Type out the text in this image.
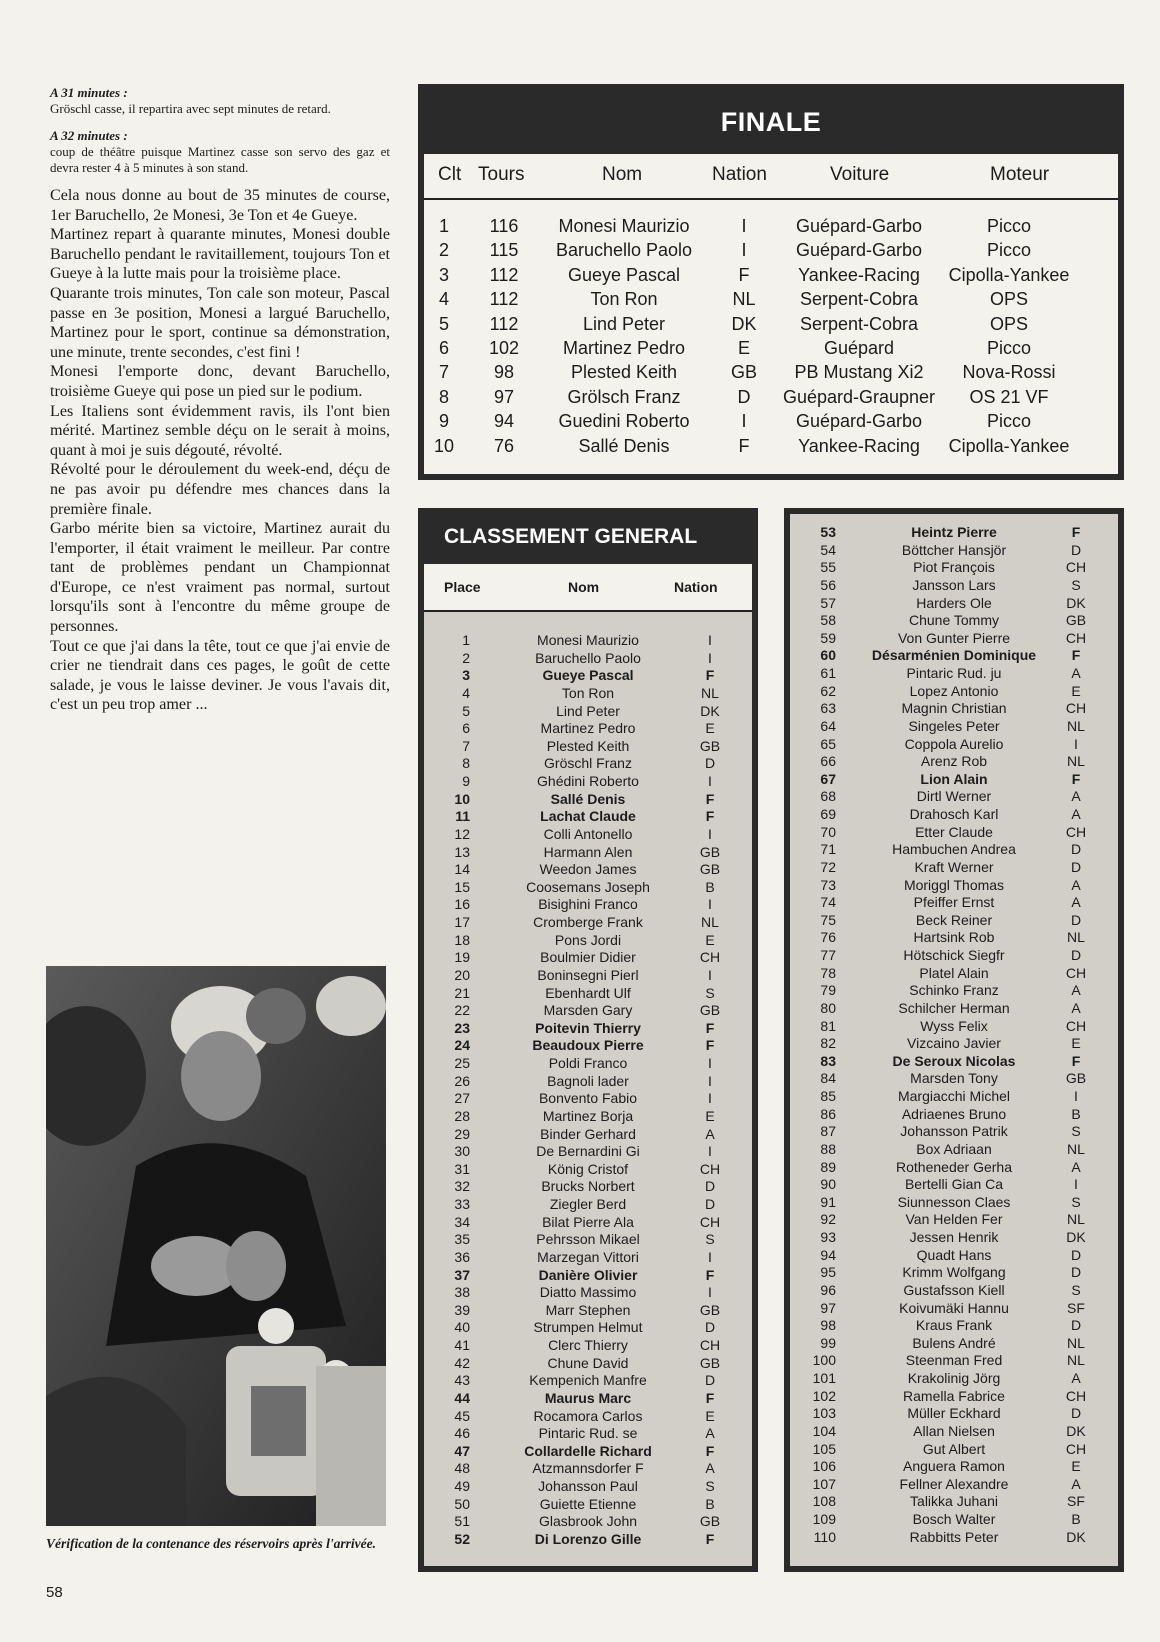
A 31 minutes :

Gröschl casse, il repartira avec sept minutes de retard.

A 32 minutes :

coup de théâtre puisque Martinez casse son servo des gaz et devra rester 4 à 5 minutes à son stand.

Cela nous donne au bout de 35 minutes de course, 1er Baruchello, 2e Monesi, 3e Ton et 4e Gueye.

Martinez repart à quarante minutes, Monesi double Baruchello pendant le ravitaillement, toujours Ton et Gueye à la lutte mais pour la troisième place.

Quarante trois minutes, Ton cale son moteur, Pascal passe en 3e position, Monesi a largué Baruchello, Martinez pour le sport, continue sa démonstration, une minute, trente secondes, c'est fini !

Monesi l'emporte donc, devant Baruchello, troisième Gueye qui pose un pied sur le podium.

Les Italiens sont évidemment ravis, ils l'ont bien mérité. Martinez semble déçu on le serait à moins, quant à moi je suis dégouté, révolté.

Révolté pour le déroulement du week-end, déçu de ne pas avoir pu défendre mes chances dans la première finale.

Garbo mérite bien sa victoire, Martinez aurait du l'emporter, il était vraiment le meilleur. Par contre tant de problèmes pendant un Championnat d'Europe, ce n'est vraiment pas normal, surtout lorsqu'ils sont à l'encontre du même groupe de personnes.

Tout ce que j'ai dans la tête, tout ce que j'ai envie de crier ne tiendrait dans ces pages, le goût de cette salade, je vous le laisse deviner. Je vous l'avais dit, c'est un peu trop amer ...

Vérification de la contenance des réservoirs après l'arrivée.
58
FINALE
Clt Tours	Nom	Nation	Voiture	Moteur
1	116	Monesi Maurizio	I	Guépard-Garbo	Picco
2	115	Baruchello Paolo	I	Guépard-Garbo	Picco
3	112	Gueye Pascal	F	Yankee-Racing	Cipolla-Yankee
4	112	Ton Ron	NL	Serpent-Cobra	OPS
5	112	Lind Peter	DK	Serpent-Cobra	OPS
6	102	Martinez Pedro	E	Guépard	Picco
7	98	Plested Keith	GB	PB Mustang Xi2	Nova-Rossi
8	97	Grölsch Franz	D	Guépard-Graupner	OS 21 VF
9	94	Guedini Roberto	I	Guépard-Garbo	Picco
10	76	Sallé Denis	F	Yankee-Racing	Cipolla-Yankee
CLASSEMENT GENERAL
Place	Nom	Nation
1	Monesi Maurizio	I
2	Baruchello Paolo	I
3	Gueye Pascal	F
4	Ton Ron	NL
5	Lind Peter	DK
6	Martinez Pedro	E
7	Plested Keith	GB
8	Gröschl Franz	D
9	Ghédini Roberto	I
10	Sallé Denis	F
11	Lachat Claude	F
12	Colli Antonello	I
13	Harmann Alen	GB
14	Weedon James	GB
15	Coosemans Joseph	B
16	Bisighini Franco	I
17	Cromberge Frank	NL
18	Pons Jordi	E
19	Boulmier Didier	CH
20	Boninsegni Pierl	I
21	Ebenhardt Ulf	S
22	Marsden Gary	GB
23	Poitevin Thierry	F
24	Beaudoux Pierre	F
25	Poldi Franco	I
26	Bagnoli lader	I
27	Bonvento Fabio	I
28	Martinez Borja	E
29	Binder Gerhard	A
30	De Bernardini Gi	I
31	König Cristof	CH
32	Brucks Norbert	D
33	Ziegler Berd	D
34	Bilat Pierre Ala	CH
35	Pehrsson Mikael	S
36	Marzegan Vittori	I
37	Danière Olivier	F
38	Diatto Massimo	I
39	Marr Stephen	GB
40	Strumpen Helmut	D
41	Clerc Thierry	CH
42	Chune David	GB
43	Kempenich Manfre	D
44	Maurus Marc	F
45	Rocamora Carlos	E
46	Pintaric Rud. se	A
47	Collardelle Richard	F
48	Atzmannsdorfer F	A
49	Johansson Paul	S
50	Guiette Etienne	B
51	Glasbrook John	GB
52	Di Lorenzo Gille	F
53	Heintz Pierre	F
54	Böttcher Hansjör	D
55	Piot François	CH
56	Jansson Lars	S
57	Harders Ole	DK
58	Chune Tommy	GB
59	Von Gunter Pierre	CH
60	Désarménien Dominique	F
61	Pintaric Rud. ju	A
62	Lopez Antonio	E
63	Magnin Christian	CH
64	Singeles Peter	NL
65	Coppola Aurelio	I
66	Arenz Rob	NL
67	Lion Alain	F
68	Dirtl Werner	A
69	Drahosch Karl	A
70	Etter Claude	CH
71	Hambuchen Andrea	D
72	Kraft Werner	D
73	Moriggl Thomas	A
74	Pfeiffer Ernst	A
75	Beck Reiner	D
76	Hartsink Rob	NL
77	Hötschick Siegfr	D
78	Platel Alain	CH
79	Schinko Franz	A
80	Schilcher Herman	A
81	Wyss Felix	CH
82	Vizcaino Javier	E
83	De Seroux Nicolas	F
84	Marsden Tony	GB
85	Margiacchi Michel	I
86	Adriaenes Bruno	B
87	Johansson Patrik	S
88	Box Adriaan	NL
89	Rotheneder Gerha	A
90	Bertelli Gian Ca	I
91	Siunnesson Claes	S
92	Van Helden Fer	NL
93	Jessen Henrik	DK
94	Quadt Hans	D
95	Krimm Wolfgang	D
96	Gustafsson Kiell	S
97	Koivumäki Hannu	SF
98	Kraus Frank	D
99	Bulens André	NL
100	Steenman Fred	NL
101	Krakolinig Jörg	A
102	Ramella Fabrice	CH
103	Müller Eckhard	D
104	Allan Nielsen	DK
105	Gut Albert	CH
106	Anguera Ramon	E
107	Fellner Alexandre	A
108	Talikka Juhani	SF
109	Bosch Walter	B
110	Rabbitts Peter	DK
